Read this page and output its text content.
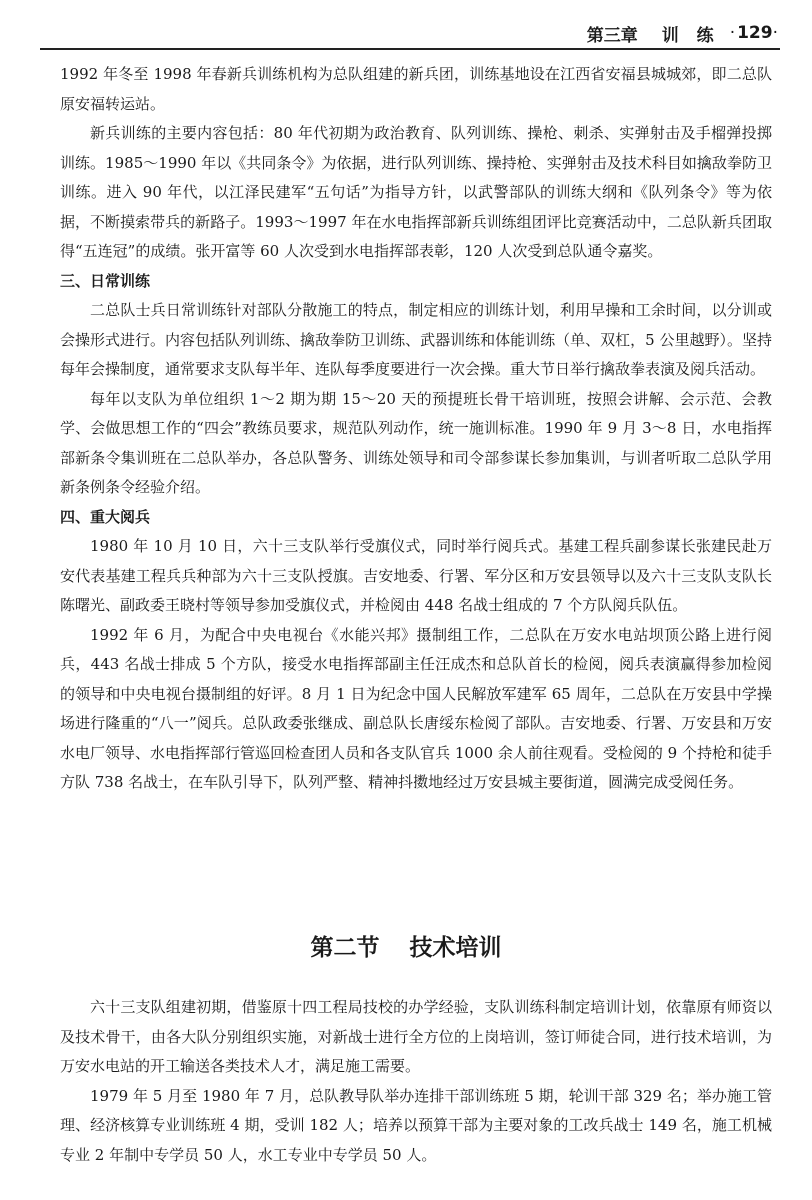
第三章 训 练 · 129 ·

1992 年冬至 1998 年春新兵训练机构为总队组建的新兵团，训练基地设在江西省安福县城城郊，即二总队原安福转运站。

新兵训练的主要内容包括：80 年代初期为政治教育、队列训练、操枪、刺杀、实弹射击及手榴弹投掷训练。1985～1990 年以《共同条令》为依据，进行队列训练、操持枪、实弹射击及技术科目如擒敌拳防卫训练。进入 90 年代，以江泽民建军“五句话”为指导方针，以武警部队的训练大纲和《队列条令》等为依据，不断摸索带兵的新路子。1993～1997 年在水电指挥部新兵训练组团评比竞赛活动中，二总队新兵团取得“五连冠”的成绩。张开富等 60 人次受到水电指挥部表彰，120 人次受到总队通令嘉奖。

三、日常训练

二总队士兵日常训练针对部队分散施工的特点，制定相应的训练计划，利用早操和工余时间，以分训或会操形式进行。内容包括队列训练、擒敌拳防卫训练、武器训练和体能训练（单、双杠，5 公里越野）。坚持每年会操制度，通常要求支队每半年、连队每季度要进行一次会操。重大节日举行擒敌拳表演及阅兵活动。

每年以支队为单位组织 1～2 期为期 15～20 天的预提班长骨干培训班，按照会讲解、会示范、会教学、会做思想工作的“四会”教练员要求，规范队列动作，统一施训标准。1990 年 9 月 3～8 日，水电指挥部新条令集训班在二总队举办，各总队警务、训练处领导和司令部参谋长参加集训，与训者听取二总队学用新条例条令经验介绍。

四、重大阅兵

1980 年 10 月 10 日，六十三支队举行受旗仪式，同时举行阅兵式。基建工程兵副参谋长张建民赴万安代表基建工程兵兵种部为六十三支队授旗。吉安地委、行署、军分区和万安县领导以及六十三支队支队长陈曙光、副政委王晓村等领导参加受旗仪式，并检阅由 448 名战士组成的 7 个方队阅兵队伍。

1992 年 6 月，为配合中央电视台《水能兴邦》摄制组工作，二总队在万安水电站坝顶公路上进行阅兵，443 名战士排成 5 个方队，接受水电指挥部副主任汪成杰和总队首长的检阅，阅兵表演赢得参加检阅的领导和中央电视台摄制组的好评。8 月 1 日为纪念中国人民解放军建军 65 周年，二总队在万安县中学操场进行隆重的“八一”阅兵。总队政委张继成、副总队长唐绥东检阅了部队。吉安地委、行署、万安县和万安水电厂领导、水电指挥部行管巡回检查团人员和各支队官兵 1000 余人前往观看。受检阅的 9 个持枪和徒手方队 738 名战士，在车队引导下，队列严整、精神抖擞地经过万安县城主要街道，圆满完成受阅任务。

第二节 技术培训

六十三支队组建初期，借鉴原十四工程局技校的办学经验，支队训练科制定培训计划，依靠原有师资以及技术骨干，由各大队分别组织实施，对新战士进行全方位的上岗培训，签订师徒合同，进行技术培训，为万安水电站的开工输送各类技术人才，满足施工需要。

1979 年 5 月至 1980 年 7 月，总队教导队举办连排干部训练班 5 期，轮训干部 329 名；举办施工管理、经济核算专业训练班 4 期，受训 182 人；培养以预算干部为主要对象的工改兵战士 149 名，施工机械专业 2 年制中专学员 50 人，水工专业中专学员 50 人。
